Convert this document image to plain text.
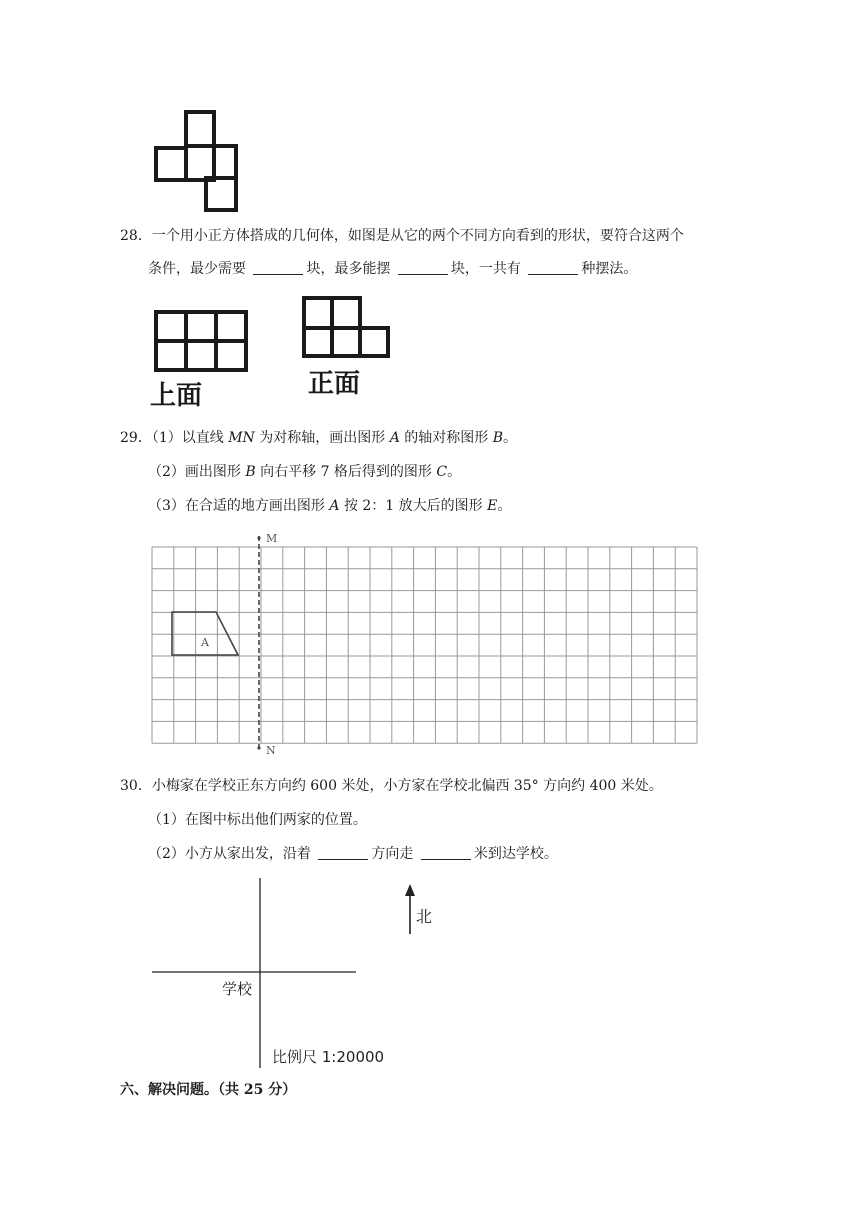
28．一个用小正方体搭成的几何体，如图是从它的两个不同方向看到的形状，要符合这两个
条件，最少需要	块，最多能摆	块，一共有	种摆法。
上面	正面
29．（1）以直线 MN 为对称轴，画出图形 A 的轴对称图形 B。
（2）画出图形 B 向右平移 7 格后得到的图形 C。
（3）在合适的地方画出图形 A 按 2：1 放大后的图形 E。
M
N
A
30．小梅家在学校正东方向约 600 米处，小方家在学校北偏西 35° 方向约 400 米处。
（1）在图中标出他们两家的位置。
（2）小方从家出发，沿着	方向走	米到达学校。
北
学校
比例尺 1:20000
六、解决问题。（共 25 分）
